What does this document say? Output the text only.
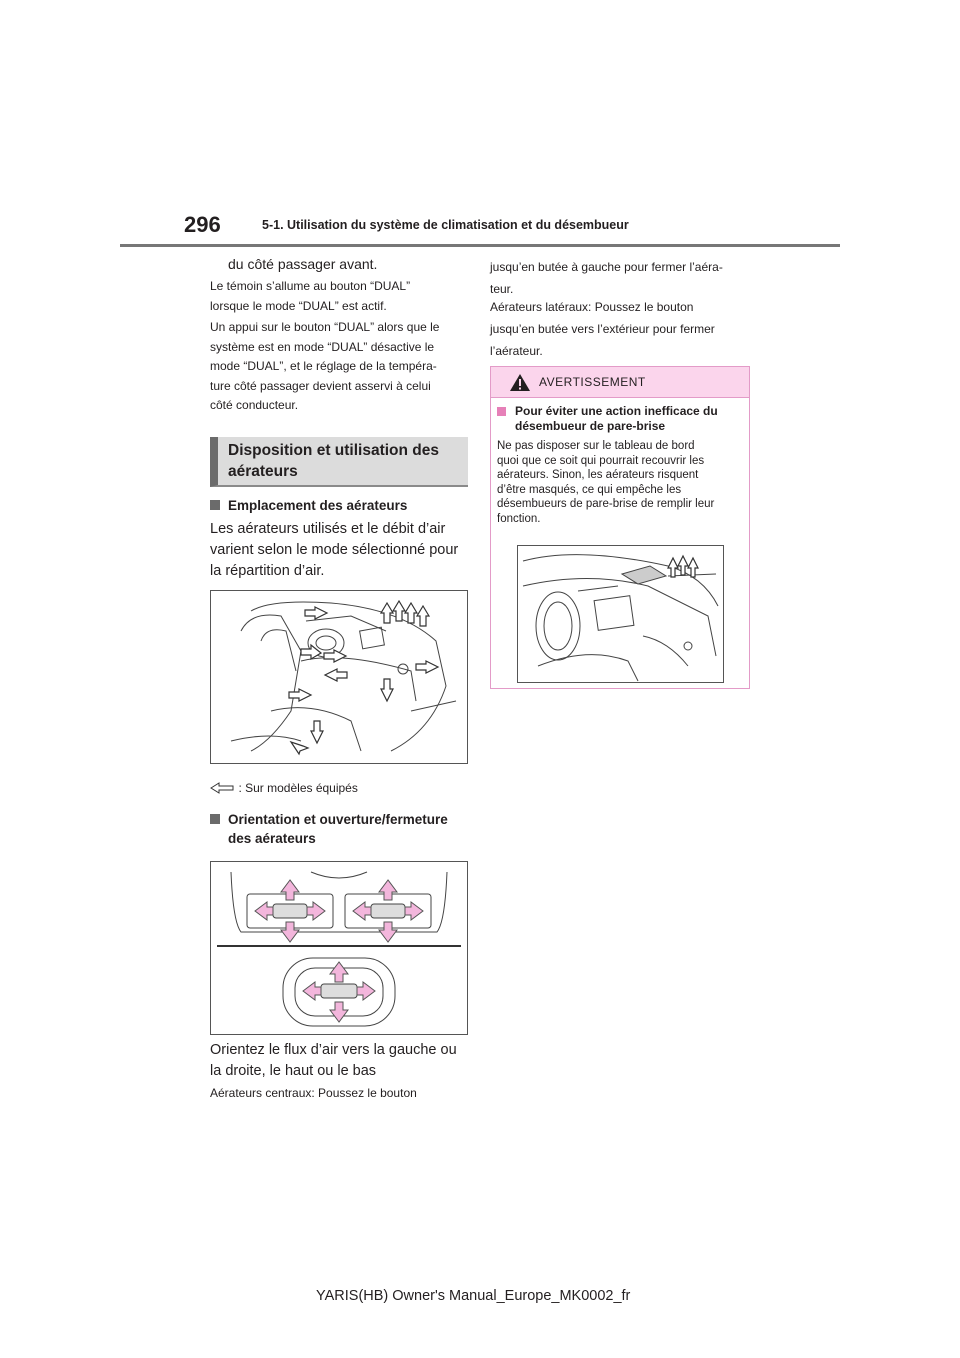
296	5-1. Utilisation du système de climatisation et du désembueur

du côté passager avant.

Le témoin s’allume au bouton “DUAL”

lorsque le mode “DUAL” est actif.

Un appui sur le bouton “DUAL” alors que le

système est en mode “DUAL” désactive le

mode “DUAL”, et le réglage de la tempéra-

ture côté passager devient asservi à celui

côté conducteur.

Disposition et utilisation des
aérateurs
Emplacement des aérateurs

Les aérateurs utilisés et le débit d’air

varient selon le mode sélectionné pour

la répartition d’air.

: Sur modèles équipés
Orientation et ouverture/fermeture
des aérateurs

Orientez le flux d’air vers la gauche ou

la droite, le haut ou le bas

Aérateurs centraux: Poussez le bouton

jusqu’en butée à gauche pour fermer l’aéra-

teur.

Aérateurs latéraux: Poussez le bouton

jusqu’en butée vers l’extérieur pour fermer

l’aérateur.

AVERTISSEMENT
Pour éviter une action inefficace du
désembueur de pare-brise

Ne pas disposer sur le tableau de bord

quoi que ce soit qui pourrait recouvrir les

aérateurs. Sinon, les aérateurs risquent

d’être masqués, ce qui empêche les

désembueurs de pare-brise de remplir leur

fonction.

YARIS(HB) Owner's Manual_Europe_MK0002_fr
